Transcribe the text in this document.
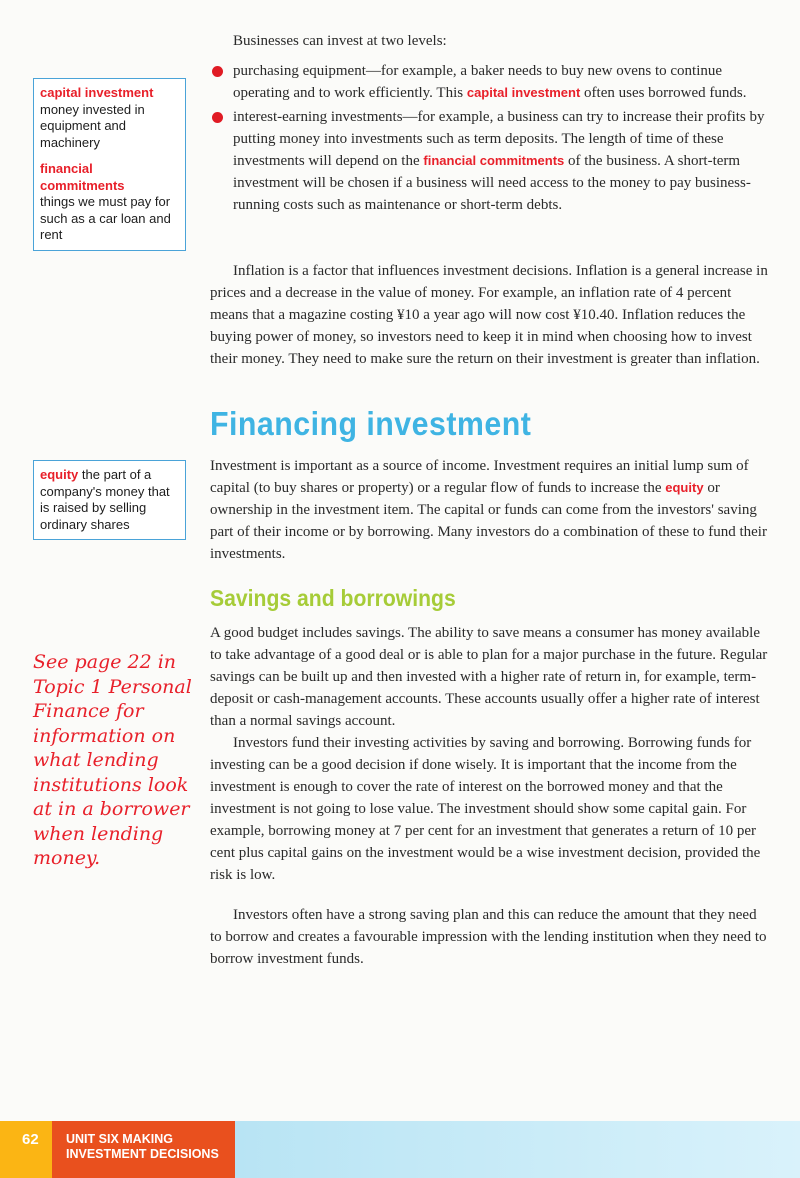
Businesses can invest at two levels:
purchasing equipment—for example, a baker needs to buy new ovens to continue operating and to work efficiently. This capital investment often uses borrowed funds.
interest-earning investments—for example, a business can try to increase their profits by putting money into investments such as term deposits. The length of time of these investments will depend on the financial commitments of the business. A short-term investment will be chosen if a business will need access to the money to pay business-running costs such as maintenance or short-term debts.

Inflation is a factor that influences investment decisions. Inflation is a general increase in prices and a decrease in the value of money. For example, an inflation rate of 4 percent means that a magazine costing ¥10 a year ago will now cost ¥10.40. Inflation reduces the buying power of money, so investors need to keep it in mind when choosing how to invest their money. They need to make sure the return on their investment is greater than inflation.

capital investment
money invested in equipment and machinery
financial commitments
things we must pay for such as a car loan and rent
Financing investment

Investment is important as a source of income. Investment requires an initial lump sum of capital (to buy shares or property) or a regular flow of funds to increase the equity or ownership in the investment item. The capital or funds can come from the investors' saving part of their income or by borrowing. Many investors do a combination of these to fund their investments.

equity the part of a company's money that is raised by selling ordinary shares
Savings and borrowings

A good budget includes savings. The ability to save means a consumer has money available to take advantage of a good deal or is able to plan for a major purchase in the future. Regular savings can be built up and then invested with a higher rate of return in, for example, term-deposit or cash-management accounts. These accounts usually offer a higher rate of interest than a normal savings account.

Investors fund their investing activities by saving and borrowing. Borrowing funds for investing can be a good decision if done wisely. It is important that the income from the investment is enough to cover the rate of interest on the borrowed money and that the investment is not going to lose value. The investment should show some capital gain. For example, borrowing money at 7 per cent for an investment that generates a return of 10 per cent plus capital gains on the investment would be a wise investment decision, provided the risk is low.

Investors often have a strong saving plan and this can reduce the amount that they need to borrow and creates a favourable impression with the lending institution when they need to borrow investment funds.

See page 22 in Topic 1 Personal Finance for information on what lending institutions look at in a borrower when lending money.
62 UNIT SIX MAKING
INVESTMENT DECISIONS
